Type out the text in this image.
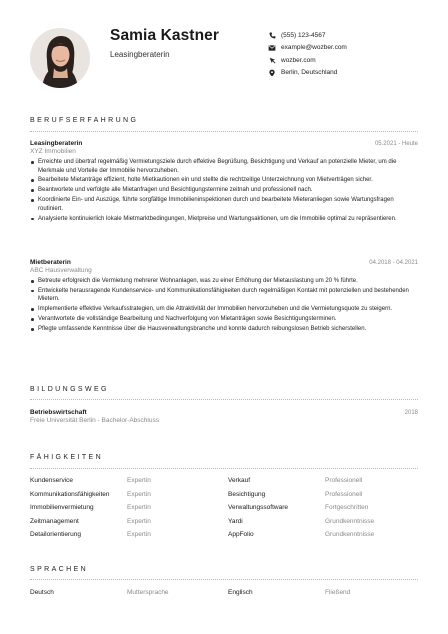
Samia Kastner
Leasingberaterin
(555) 123-4567
example@wozber.com
wozber.com
Berlin, Deutschland
BERUFSERFAHRUNG
Leasingberaterin	05.2021 - Heute
XYZ Immobilien
Erreichte und übertraf regelmäßig Vermietungsziele durch effektive Begrüßung, Besichtigung und Verkauf an potenzielle Mieter, um die Merkmale und Vorteile der Immobilie hervorzuheben.
Bearbeitete Mietanträge effizient, holte Mietkautionen ein und stellte die rechtzeitige Unterzeichnung von Mietverträgen sicher.
Beantwortete und verfolgte alle Mietanfragen und Besichtigungstermine zeitnah und professionell nach.
Koordinierte Ein- und Auszüge, führte sorgfältige Immobilieninspektionen durch und bearbeitete Mieteranliegen sowie Wartungsfragen routiniert.
Analysierte kontinuierlich lokale Mietmarktbedingungen, Mietpreise und Wartungsaktionen, um die Immobilie optimal zu repräsentieren.
Mietberaterin	04.2018 - 04.2021
ABC Hausverwaltung
Betreute erfolgreich die Vermietung mehrerer Wohnanlagen, was zu einer Erhöhung der Mietauslastung um 20 % führte.
Entwickelte herausragende Kundenservice- und Kommunikationsfähigkeiten durch regelmäßigen Kontakt mit potenziellen und bestehenden Mietern.
Implementierte effektive Verkaufsstrategien, um die Attraktivität der Immobilien hervorzuheben und die Vermietungsquote zu steigern.
Verantwortete die vollständige Bearbeitung und Nachverfolgung von Mietanträgen sowie Besichtigungsterminen.
Pflegte umfassende Kenntnisse über die Hausverwaltungsbranche und konnte dadurch reibungslosen Betrieb sicherstellen.
BILDUNGSWEG
Betriebswirtschaft	2018
Freie Universität Berlin - Bachelor-Abschluss
FÄHIGKEITEN
Kundenservice	Expertin	Verkauf	Professionell
Kommunikationsfähigkeiten	Expertin	Besichtigung	Professionell
Immobilienvermietung	Expertin	Verwaltungssoftware	Fortgeschritten
Zeitmanagement	Expertin	Yardi	Grundkenntnisse
Detailorientierung	Expertin	AppFolio	Grundkenntnisse
SPRACHEN
Deutsch	Muttersprache	Englisch	Fließend
